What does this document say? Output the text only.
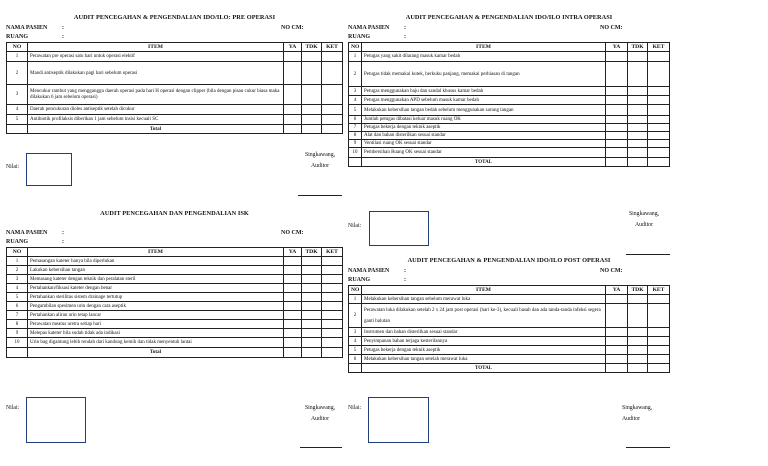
AUDIT PENCEGAHAN & PENGENDALIAN IDO/ILO: PRE OPERASI
NAMA PASIEN :	NO CM:
RUANG	:
NO	ITEM	YA	TDK	KET
1	Perawatan pre operasi satu hari untuk operasi elektif			
2	Mandi antiseptik dilakukan pagi hari sebelum operasi			
3	Mencukur rambut yang mengganggu daerah operasi pada hari H operasi dengan clipper (bila dengan pisau cukur biasa maka dilakukan 6 jam sebelum operasi)			
4	Daerah pencukuran dioles antiseptik setelah dicukur			
5	Antibiotik profilaksis diberikan 1 jam sebelum insisi kecuali SC			
	Total			
Nilai:
Singkawang,
Auditor
AUDIT PENCEGAHAN & PENGENDALIAN IDO/ILO INTRA OPERASI
NAMA PASIEN :	NO CM:
RUANG	:
NO	ITEM	YA	TDK	KET
1	Petugas yang sakit dilarang masuk kamar bedah			
2	Petugas tidak memakai kutek, berkuku panjang, memakai perhiasan di tangan			
3	Petugas menggunakan baju dan sandal khusus kamar bedah			
4	Petugas menggunakan APD sebelum masuk kamar bedah			
5	Melakukan kebersihan tangan bedah sebelum menggunakan sarung tangan			
6	Jumlah petugas dibatasi keluar masuk ruang OK			
7	Petugas bekerja dengan teknik aseptik			
8	Alat dan bahan disterilkan sesuai standar			
9	Ventilasi ruang OK sesuai standar			
10	Pembersihan Ruang OK sesuai standar			
	TOTAL			
Nilai:
Singkawang,
Auditor
AUDIT PENCEGAHAN DAN PENGENDALIAN ISK
NAMA PASIEN :	NO CM:
RUANG	:
NO	ITEM	YA	TDK	KET
1	Pemasangan kateter hanya bila diperlukan			
2	Lakukan kebersihan tangan			
3	Memasang kateter dengan teknik dan peralatan steril			
4	Pertahankan/fiksasi kateter dengan benar			
5	Pertahankan sterilitas sistem drainage tertutup			
6	Pengambilan spesimen urin dengan cara aseptik			
7	Pertahankan aliran urin tetap lancar			
8	Perawatan meatus uretra setiap hari			
9	Melepas kateter bila sudah tidak ada indikasi			
10	Urin bag digantung lebih rendah dari kandung kemih dan tidak menyentuh lantai			
	Total			
Nilai:	Singkawang,
Auditor
AUDIT PENCEGAHAN & PENGENDALIAN IDO/ILO POST OPERASI
NAMA PASIEN :	NO CM:
RUANG	:
NO	ITEM	YA	TDK	KET
1	Melakukan kebersihan tangan sebelum merawat luka			
2	Perawatan luka dilakukan setelah 2 x 24 jam post operasi (hari ke-3), kecuali basah dan ada tanda-tanda infeksi segera ganti balutan			
3	Instrumen dan bahan disterilkan sesuai standar			
4	Penyimpanan bahan terjaga kesterilannya			
5	Petugas bekerja dengan teknik aseptik			
6	Melakukan kebersihan tangan setelah merawat luka			
	TOTAL			
Nilai:	Singkawang,
Auditor
